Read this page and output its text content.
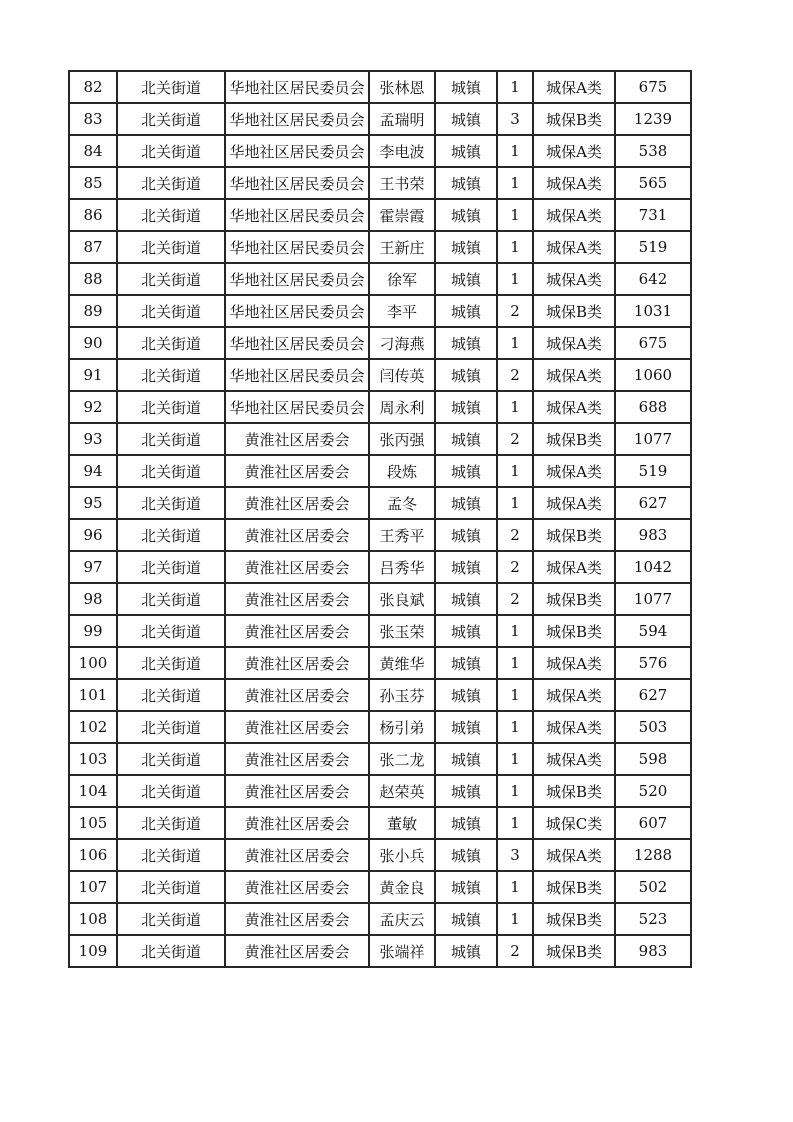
82	北关街道	华地社区居民委员会	张林恩	城镇	1	城保A类	675
83	北关街道	华地社区居民委员会	孟瑞明	城镇	3	城保B类	1239
84	北关街道	华地社区居民委员会	李电波	城镇	1	城保A类	538
85	北关街道	华地社区居民委员会	王书荣	城镇	1	城保A类	565
86	北关街道	华地社区居民委员会	霍崇霞	城镇	1	城保A类	731
87	北关街道	华地社区居民委员会	王新庄	城镇	1	城保A类	519
88	北关街道	华地社区居民委员会	徐军	城镇	1	城保A类	642
89	北关街道	华地社区居民委员会	李平	城镇	2	城保B类	1031
90	北关街道	华地社区居民委员会	刁海燕	城镇	1	城保A类	675
91	北关街道	华地社区居民委员会	闫传英	城镇	2	城保A类	1060
92	北关街道	华地社区居民委员会	周永利	城镇	1	城保A类	688
93	北关街道	黄淮社区居委会	张丙强	城镇	2	城保B类	1077
94	北关街道	黄淮社区居委会	段炼	城镇	1	城保A类	519
95	北关街道	黄淮社区居委会	孟冬	城镇	1	城保A类	627
96	北关街道	黄淮社区居委会	王秀平	城镇	2	城保B类	983
97	北关街道	黄淮社区居委会	吕秀华	城镇	2	城保A类	1042
98	北关街道	黄淮社区居委会	张良斌	城镇	2	城保B类	1077
99	北关街道	黄淮社区居委会	张玉荣	城镇	1	城保B类	594
100	北关街道	黄淮社区居委会	黄维华	城镇	1	城保A类	576
101	北关街道	黄淮社区居委会	孙玉芬	城镇	1	城保A类	627
102	北关街道	黄淮社区居委会	杨引弟	城镇	1	城保A类	503
103	北关街道	黄淮社区居委会	张二龙	城镇	1	城保A类	598
104	北关街道	黄淮社区居委会	赵荣英	城镇	1	城保B类	520
105	北关街道	黄淮社区居委会	董敏	城镇	1	城保C类	607
106	北关街道	黄淮社区居委会	张小兵	城镇	3	城保A类	1288
107	北关街道	黄淮社区居委会	黄金良	城镇	1	城保B类	502
108	北关街道	黄淮社区居委会	孟庆云	城镇	1	城保B类	523
109	北关街道	黄淮社区居委会	张端祥	城镇	2	城保B类	983
